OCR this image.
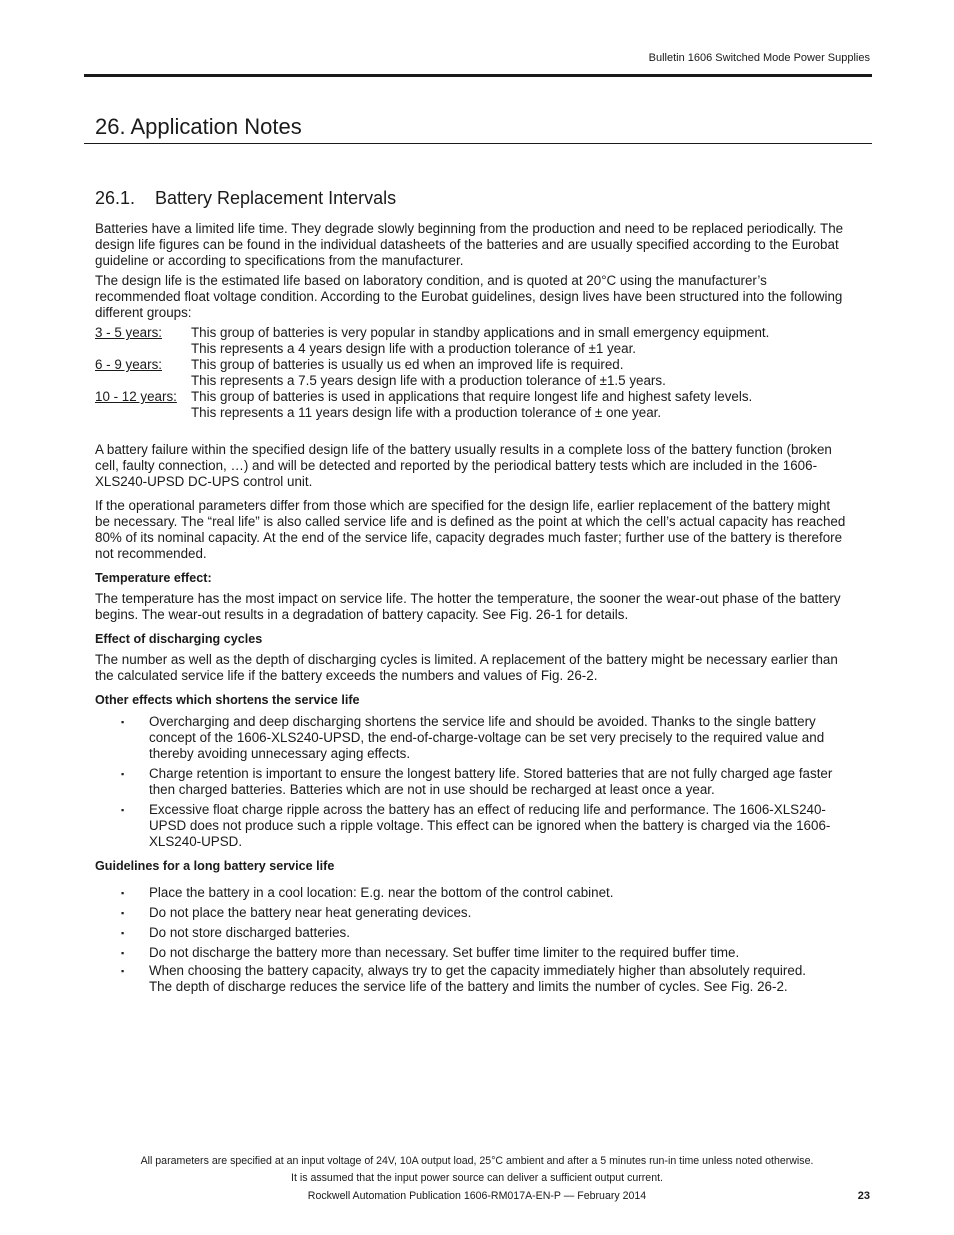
Bulletin 1606 Switched Mode Power Supplies
26. Application Notes
26.1. Battery Replacement Intervals

Batteries have a limited life time. They degrade slowly beginning from the production and need to be replaced periodically. The design life figures can be found in the individual datasheets of the batteries and are usually specified according to the Eurobat guideline or according to specifications from the manufacturer.

The design life is the estimated life based on laboratory condition, and is quoted at 20°C using the manufacturer’s recommended float voltage condition. According to the Eurobat guidelines, design lives have been structured into the following different groups:

3 - 5 years:	This group of batteries is very popular in standby applications and in small emergency equipment.
This represents a 4 years design life with a production tolerance of ±1 year.
6 - 9 years:	This group of batteries is usually us ed when an improved life is required.
This represents a 7.5 years design life with a production tolerance of ±1.5 years.
10 - 12 years:	This group of batteries is used in applications that require longest life and highest safety levels.
This represents a 11 years design life with a production tolerance of ± one year.

A battery failure within the specified design life of the battery usually results in a complete loss of the battery function (broken cell, faulty connection, …) and will be detected and reported by the periodical battery tests which are included in the 1606-XLS240-UPSD DC-UPS control unit.

If the operational parameters differ from those which are specified for the design life, earlier replacement of the battery might be necessary. The “real life” is also called service life and is defined as the point at which the cell’s actual capacity has reached 80% of its nominal capacity. At the end of the service life, capacity degrades much faster; further use of the battery is therefore not recommended.

Temperature effect:

The temperature has the most impact on service life. The hotter the temperature, the sooner the wear-out phase of the battery begins. The wear-out results in a degradation of battery capacity. See Fig. 26-1 for details.

Effect of discharging cycles

The number as well as the depth of discharging cycles is limited. A replacement of the battery might be necessary earlier than the calculated service life if the battery exceeds the numbers and values of Fig. 26-2.

Other effects which shortens the service life
▪	Overcharging and deep discharging shortens the service life and should be avoided. Thanks to the single battery concept of the 1606-XLS240-UPSD, the end-of-charge-voltage can be set very precisely to the required value and thereby avoiding unnecessary aging effects.
▪	Charge retention is important to ensure the longest battery life. Stored batteries that are not fully charged age faster then charged batteries. Batteries which are not in use should be recharged at least once a year.
▪	Excessive float charge ripple across the battery has an effect of reducing life and performance. The 1606-XLS240-UPSD does not produce such a ripple voltage. This effect can be ignored when the battery is charged via the 1606-XLS240-UPSD.
Guidelines for a long battery service life
▪	Place the battery in a cool location: E.g. near the bottom of the control cabinet.
▪	Do not place the battery near heat generating devices.
▪	Do not store discharged batteries.
▪	Do not discharge the battery more than necessary. Set buffer time limiter to the required buffer time.
▪	When choosing the battery capacity, always try to get the capacity immediately higher than absolutely required. The depth of discharge reduces the service life of the battery and limits the number of cycles. See Fig. 26-2.
All parameters are specified at an input voltage of 24V, 10A output load, 25°C ambient and after a 5 minutes run-in time unless noted otherwise.
It is assumed that the input power source can deliver a sufficient output current.
Rockwell Automation Publication 1606-RM017A-EN-P — February 2014	23
